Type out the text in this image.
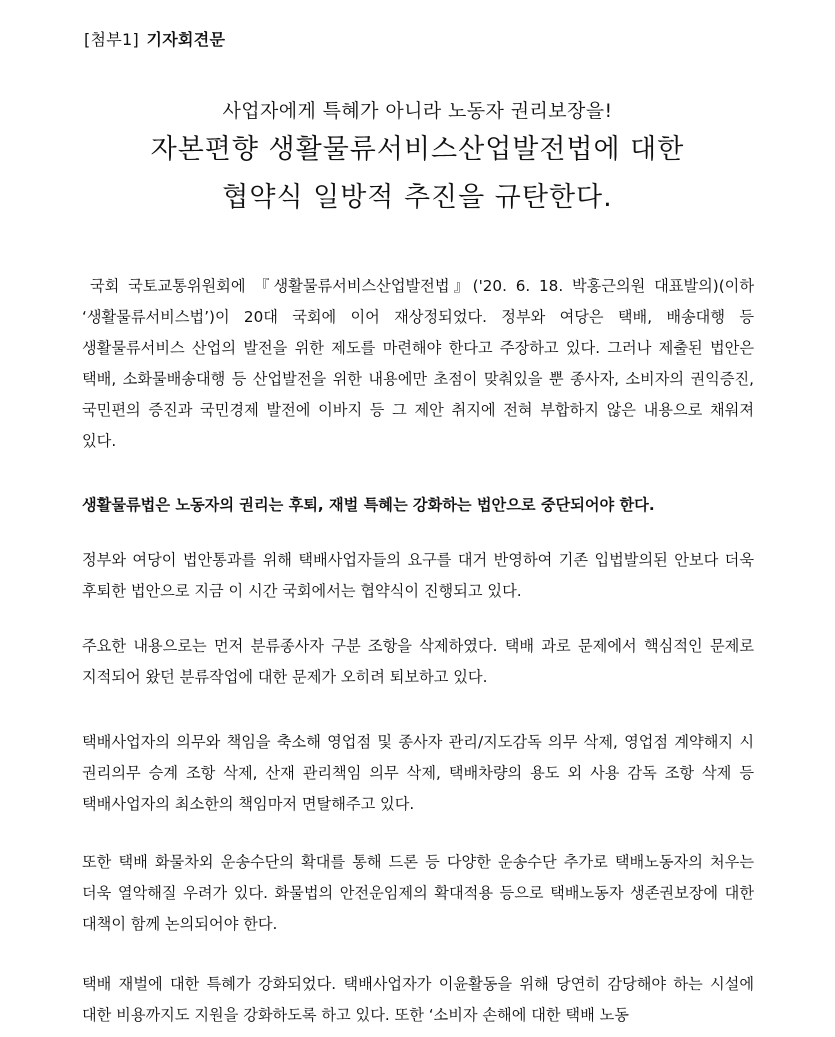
[첨부1] 기자회견문
사업자에게 특혜가 아니라 노동자 권리보장을!
자본편향 생활물류서비스산업발전법에 대한
협약식 일방적 추진을 규탄한다.

국회 국토교통위원회에 『생활물류서비스산업발전법』('20. 6. 18. 박홍근의원 대표발의)(이하 ‘생활물류서비스법’)이 20대 국회에 이어 재상정되었다. 정부와 여당은 택배, 배송대행 등 생활물류서비스 산업의 발전을 위한 제도를 마련해야 한다고 주장하고 있다. 그러나 제출된 법안은 택배, 소화물배송대행 등 산업발전을 위한 내용에만 초점이 맞춰있을 뿐 종사자, 소비자의 권익증진, 국민편의 증진과 국민경제 발전에 이바지 등 그 제안 취지에 전혀 부합하지 않은 내용으로 채워져 있다.

생활물류법은 노동자의 권리는 후퇴, 재벌 특혜는 강화하는 법안으로 중단되어야 한다.

정부와 여당이 법안통과를 위해 택배사업자들의 요구를 대거 반영하여 기존 입법발의된 안보다 더욱 후퇴한 법안으로 지금 이 시간 국회에서는 협약식이 진행되고 있다.

주요한 내용으로는 먼저 분류종사자 구분 조항을 삭제하였다. 택배 과로 문제에서 핵심적인 문제로 지적되어 왔던 분류작업에 대한 문제가 오히려 퇴보하고 있다.

택배사업자의 의무와 책임을 축소해 영업점 및 종사자 관리/지도감독 의무 삭제, 영업점 계약해지 시 권리의무 승계 조항 삭제, 산재 관리책임 의무 삭제, 택배차량의 용도 외 사용 감독 조항 삭제 등 택배사업자의 최소한의 책임마저 면탈해주고 있다.

또한 택배 화물차외 운송수단의 확대를 통해 드론 등 다양한 운송수단 추가로 택배노동자의 처우는 더욱 열악해질 우려가 있다. 화물법의 안전운임제의 확대적용 등으로 택배노동자 생존권보장에 대한 대책이 함께 논의되어야 한다.

택배 재벌에 대한 특혜가 강화되었다. 택배사업자가 이윤활동을 위해 당연히 감당해야 하는 시설에 대한 비용까지도 지원을 강화하도록 하고 있다. 또한 ‘소비자 손해에 대한 택배 노동
